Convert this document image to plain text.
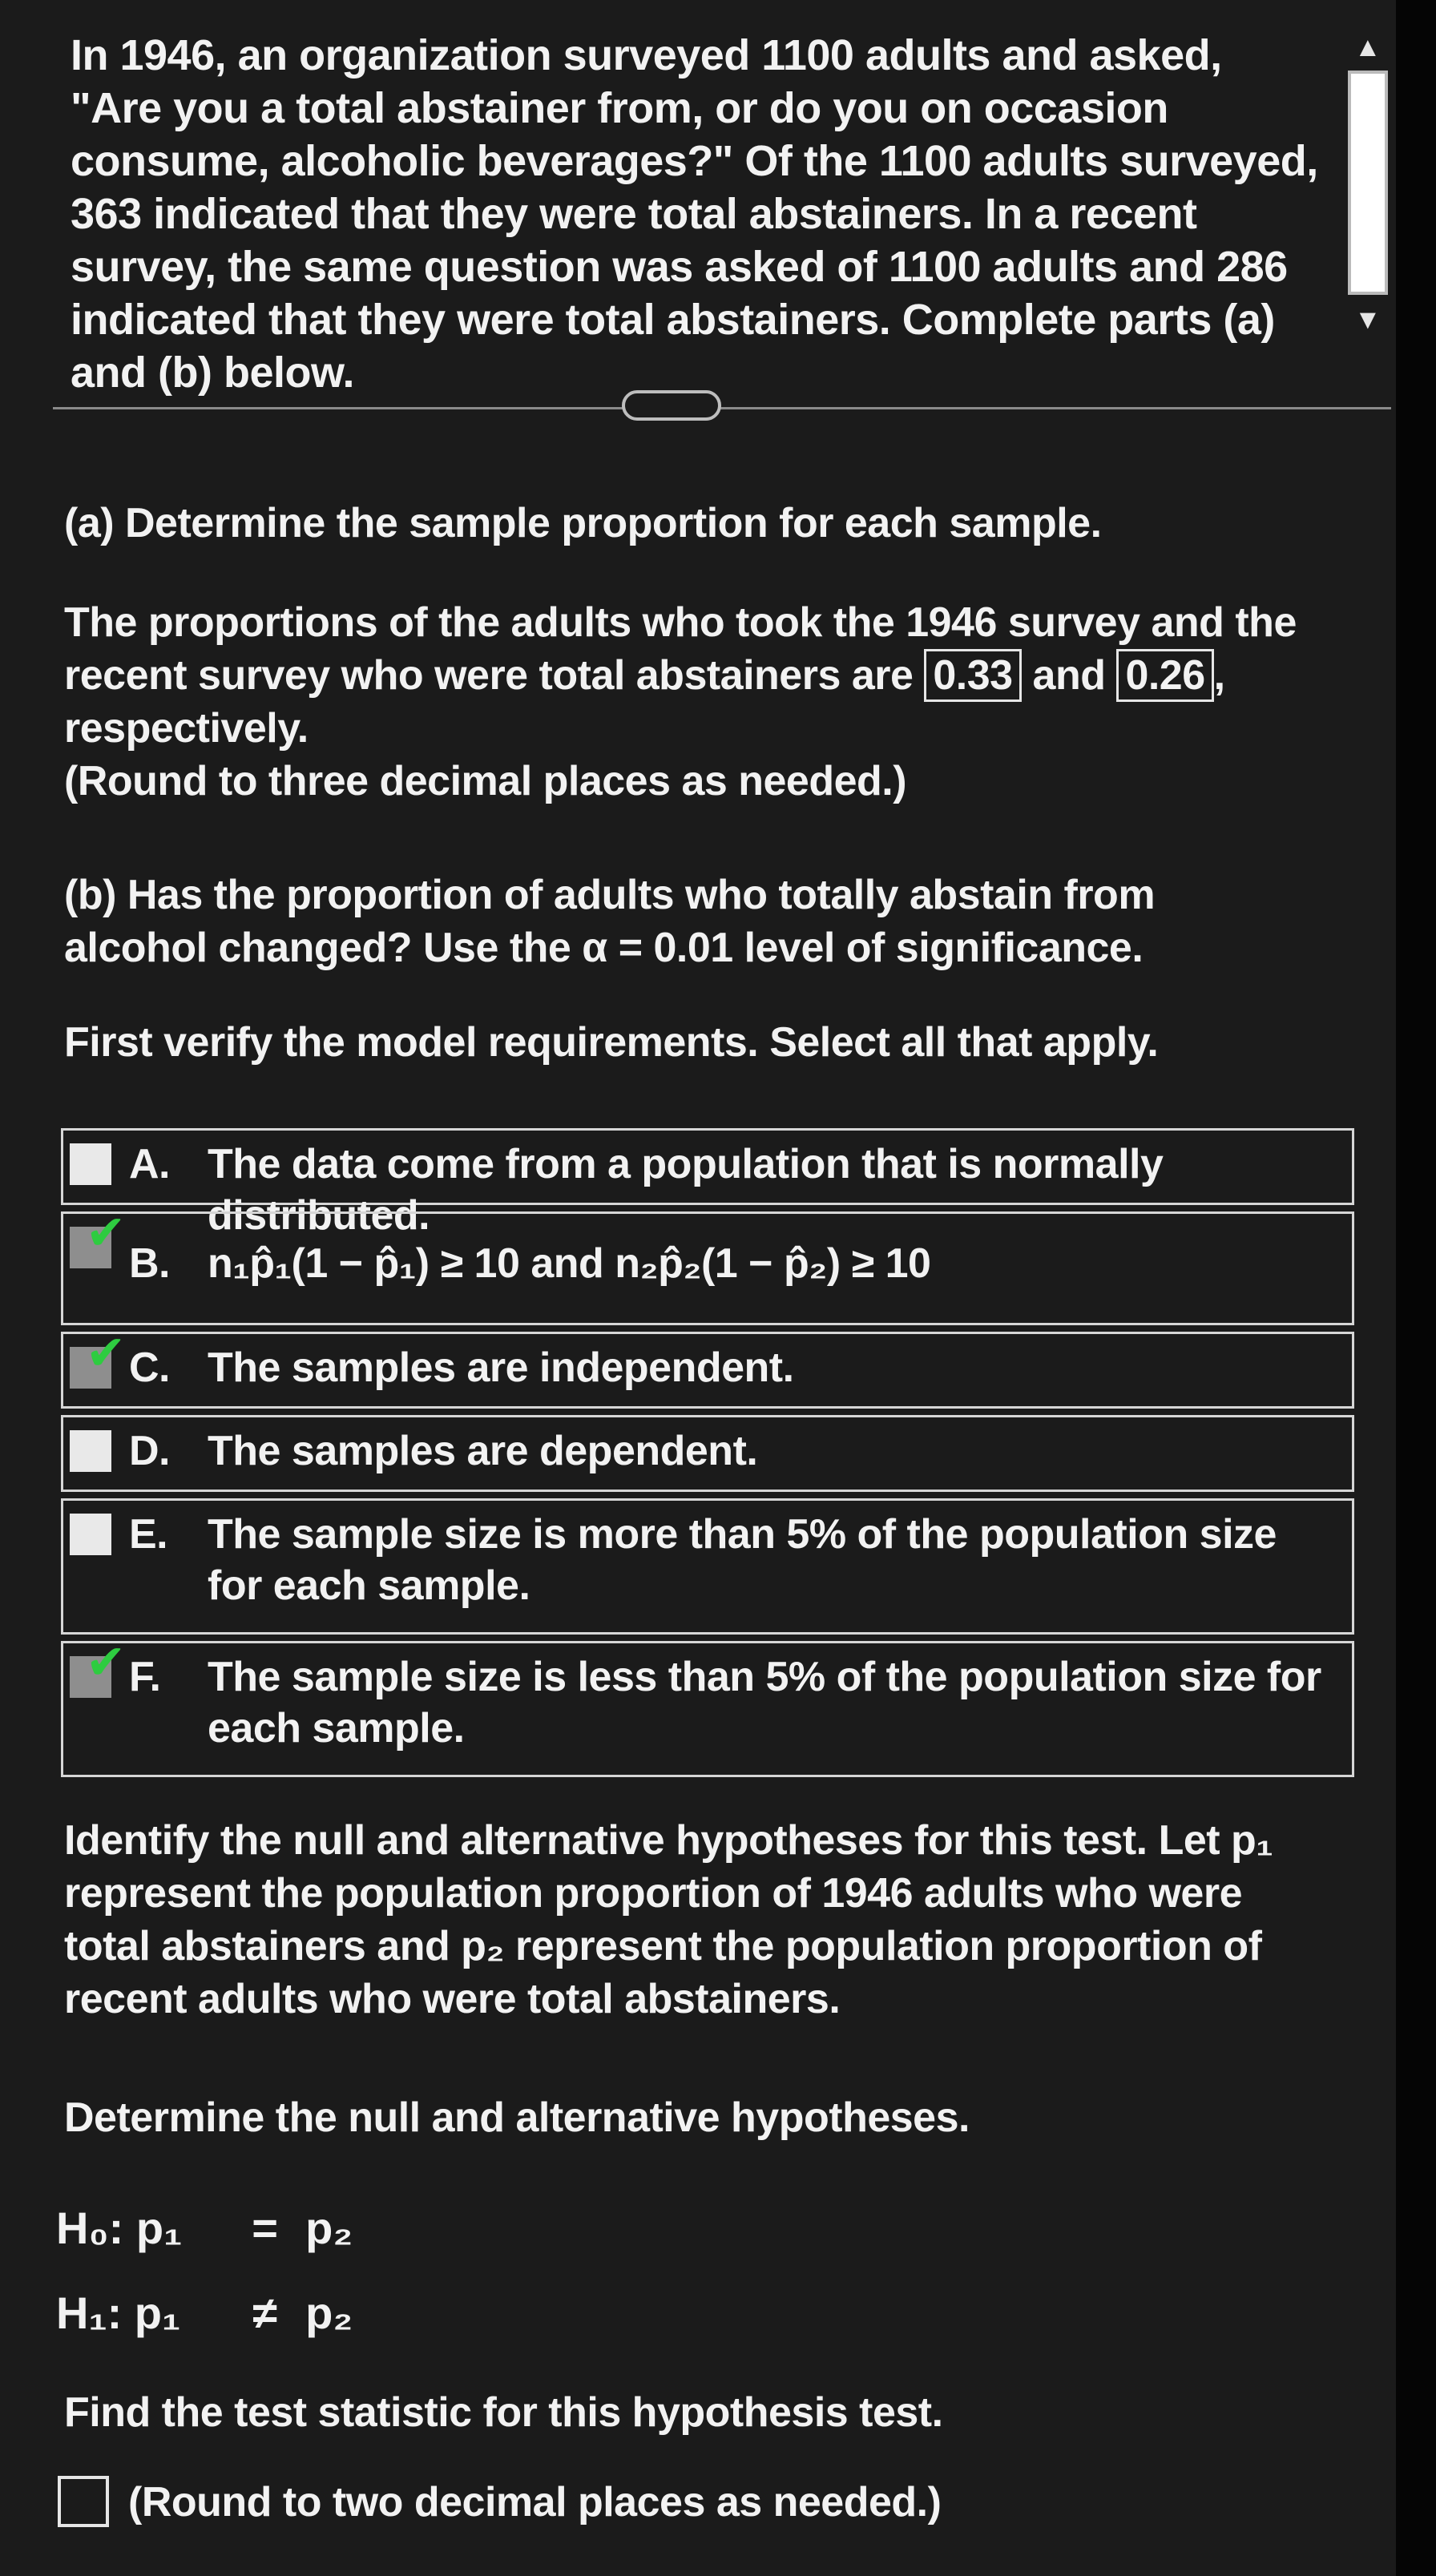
In 1946, an organization surveyed 1100 adults and asked, "Are you a total abstainer from, or do you on occasion consume, alcoholic beverages?" Of the 1100 adults surveyed, 363 indicated that they were total abstainers. In a recent survey, the same question was asked of 1100 adults and 286 indicated that they were total abstainers. Complete parts (a) and (b) below.
(a) Determine the sample proportion for each sample.

The proportions of the adults who took the 1946 survey and the recent survey who were total abstainers are 0.33 and 0.26 , respectively.

(Round to three decimal places as needed.)

(b) Has the proportion of adults who totally abstain from alcohol changed? Use the α = 0.01 level of significance.
First verify the model requirements. Select all that apply.
A. The data come from a population that is normally distributed.
✔
B. n₁p̂₁(1 − p̂₁) ≥ 10 and n₂p̂₂(1 − p̂₂) ≥ 10
✔ C. The samples are independent.
D. The samples are dependent.
E. The sample size is more than 5% of the population size for each sample.
✔ F. The sample size is less than 5% of the population size for each sample.
Identify the null and alternative hypotheses for this test. Let p₁ represent the population proportion of 1946 adults who were total abstainers and p₂ represent the population proportion of recent adults who were total abstainers.
Determine the null and alternative hypotheses.
H₀: p₁ = p₂
H₁: p₁ ≠ p₂
Find the test statistic for this hypothesis test.
(Round to two decimal places as needed.)
▲
▼
